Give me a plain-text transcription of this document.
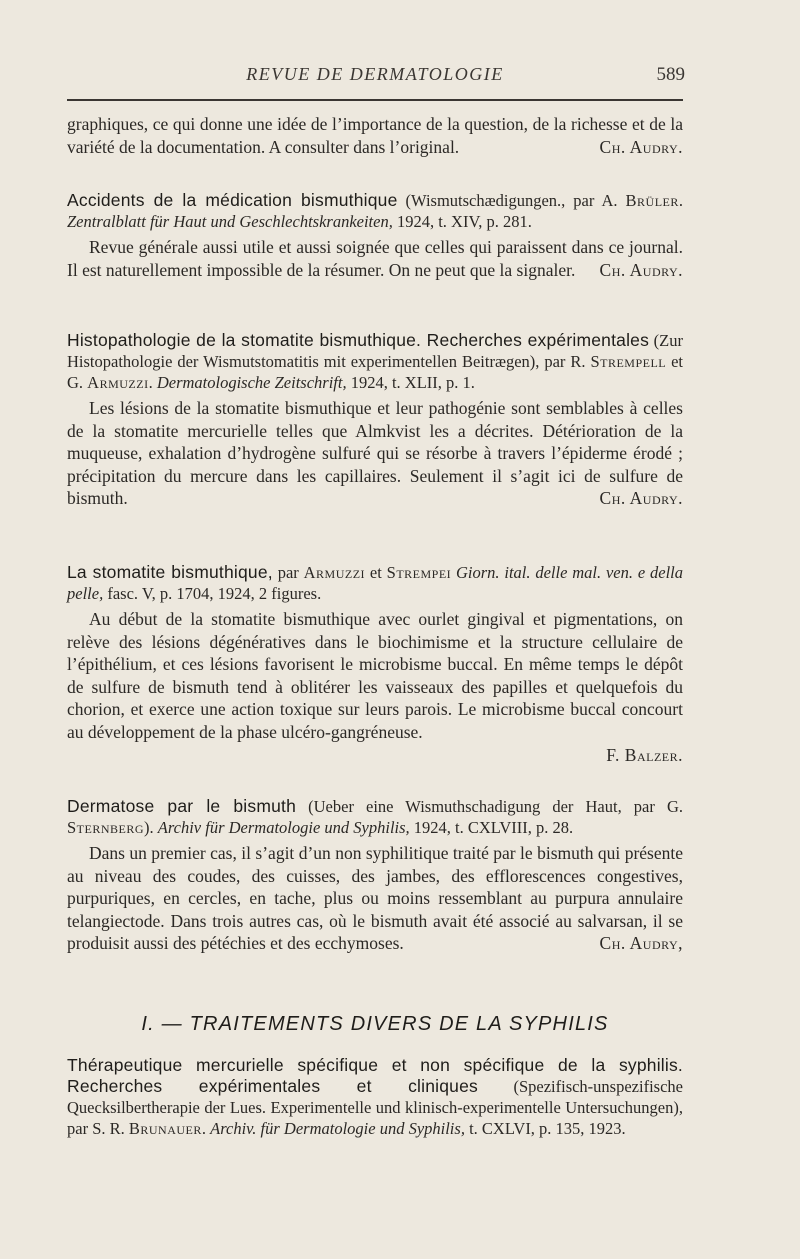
REVUE DE DERMATOLOGIE	589

graphiques, ce qui donne une idée de l’importance de la question, de la richesse et de la variété de la documentation. A consulter dans l’original.	Ch. Audry.

Accidents de la médication bismuthique (Wismutschædigungen., par A. Brüler. Zentralblatt für Haut und Geschlechtskrankeiten, 1924, t. XIV, p. 281.

Revue générale aussi utile et aussi soignée que celles qui paraissent dans ce journal. Il est naturellement impossible de la résumer. On ne peut que la signaler.	Ch. Audry.

Histopathologie de la stomatite bismuthique. Recherches expérimentales (Zur Histopathologie der Wismutstomatitis mit experimentellen Beitrægen), par R. Strempell et G. Armuzzi. Dermatologische Zeitschrift, 1924, t. XLII, p. 1.

Les lésions de la stomatite bismuthique et leur pathogénie sont semblables à celles de la stomatite mercurielle telles que Almkvist les a décrites. Détérioration de la muqueuse, exhalation d’hydrogène sulfuré qui se résorbe à travers l’épiderme érodé ; précipitation du mercure dans les capillaires. Seulement il s’agit ici de sulfure de bismuth.	Ch. Audry.

La stomatite bismuthique, par Armuzzi et Strempei Giorn. ital. delle mal. ven. e della pelle, fasc. V, p. 1704, 1924, 2 figures.

Au début de la stomatite bismuthique avec ourlet gingival et pigmentations, on relève des lésions dégénératives dans le biochimisme et la structure cellulaire de l’épithélium, et ces lésions favorisent le microbisme buccal. En même temps le dépôt de sulfure de bismuth tend à oblitérer les vaisseaux des papilles et quelquefois du chorion, et exerce une action toxique sur leurs parois. Le microbisme buccal concourt au développement de la phase ulcéro-gangréneuse.

F. Balzer.

Dermatose par le bismuth (Ueber eine Wismuthschadigung der Haut, par G. Sternberg). Archiv für Dermatologie und Syphilis, 1924, t. CXLVIII, p. 28.

Dans un premier cas, il s’agit d’un non syphilitique traité par le bismuth qui présente au niveau des coudes, des cuisses, des jambes, des efflorescences congestives, purpuriques, en cercles, en tache, plus ou moins ressemblant au purpura annulaire telangiectode. Dans trois autres cas, où le bismuth avait été associé au salvarsan, il se produisit aussi des pétéchies et des ecchymoses.	Ch. Audry,

I. — TRAITEMENTS DIVERS DE LA SYPHILIS

Thérapeutique mercurielle spécifique et non spécifique de la syphilis. Recherches expérimentales et cliniques (Spezifisch-unspezifische Quecksilbertherapie der Lues. Experimentelle und klinisch-experimentelle Untersuchungen), par S. R. Brunauer. Archiv. für Dermatologie und Syphilis, t. CXLVI, p. 135, 1923.
